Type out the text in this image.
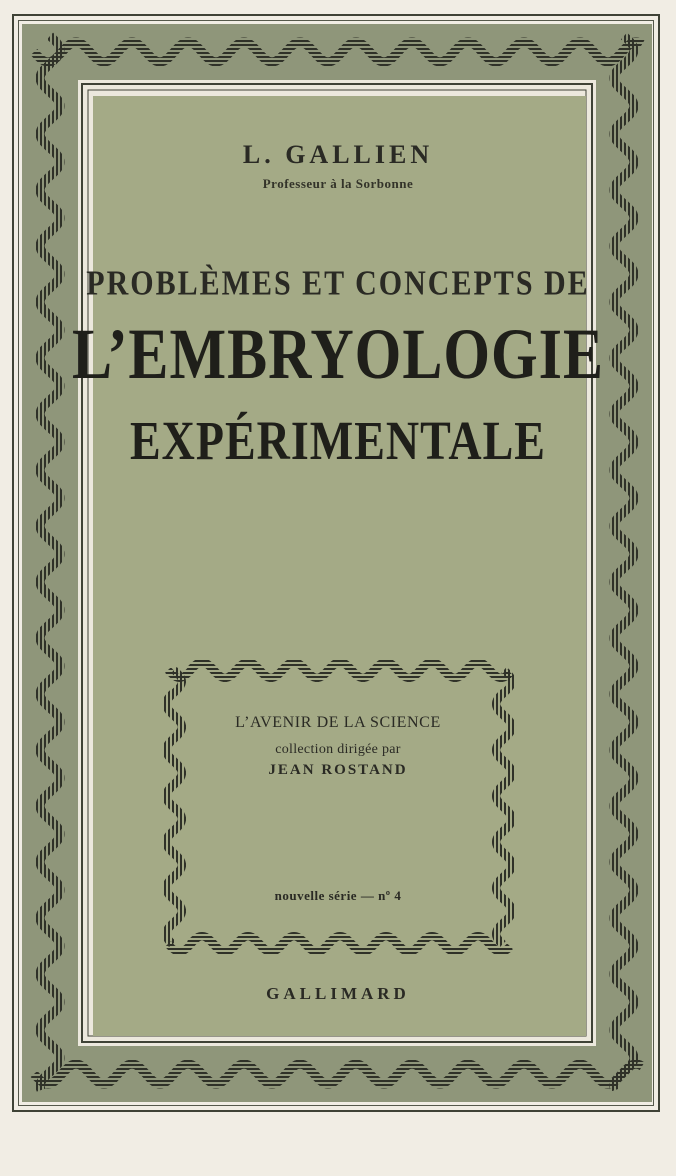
L. GALLIEN
Professeur à la Sorbonne
PROBLÈMES ET CONCEPTS DE
L’EMBRYOLOGIE
EXPÉRIMENTALE
L’AVENIR DE LA SCIENCE
collection dirigée par
JEAN ROSTAND
nouvelle série — nº 4
GALLIMARD
